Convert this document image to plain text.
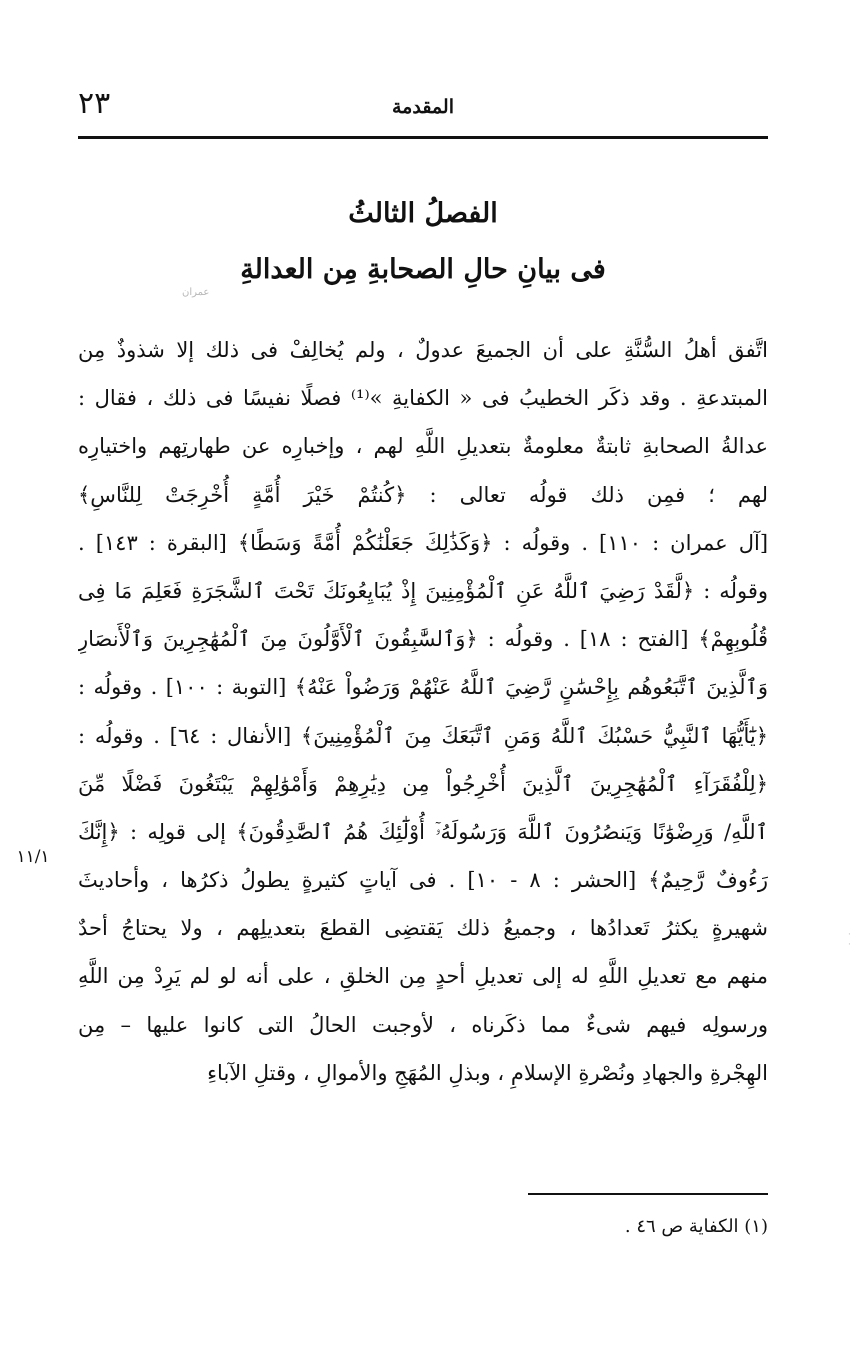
٢٣	المقدمة
الفصلُ الثالثُ
فى بيانِ حالِ الصحابةِ مِن العدالةِ
عمران
اتَّفق أهلُ السُّنَّةِ على أن الجميعَ عدولٌ ، ولم يُخالِفْ فى ذلك إلا شذوذٌ مِن
المبتدعةِ . وقد ذكَر الخطيبُ فى « الكفايةِ »⁽¹⁾ فصلًا نفيسًا فى ذلك ، فقال :
عدالةُ الصحابةِ ثابتةٌ معلومةٌ بتعديلِ اللَّهِ لهم ، وإخبارِه عن طهارتِهم واختيارِه
لهم ؛ فمِن ذلك قولُه تعالى : ﴿كُنتُمْ خَيْرَ أُمَّةٍ أُخْرِجَتْ لِلنَّاسِ﴾
[آل عمران : ١١٠] . وقولُه : ﴿وَكَذَٰلِكَ جَعَلْنَٰكُمْ أُمَّةً وَسَطًا﴾ [البقرة : ١٤٣] .
وقولُه : ﴿لَّقَدْ رَضِيَ ٱللَّهُ عَنِ ٱلْمُؤْمِنِينَ إِذْ يُبَايِعُونَكَ تَحْتَ ٱلشَّجَرَةِ فَعَلِمَ مَا فِى
قُلُوبِهِمْ﴾ [الفتح : ١٨] . وقولُه : ﴿وَٱلسَّٰبِقُونَ ٱلْأَوَّلُونَ مِنَ ٱلْمُهَٰجِرِينَ وَٱلْأَنصَارِ
وَٱلَّذِينَ ٱتَّبَعُوهُم بِإِحْسَٰنٍ رَّضِيَ ٱللَّهُ عَنْهُمْ وَرَضُواْ عَنْهُ﴾ [التوبة : ١٠٠] . وقولُه :
﴿يَٰٓأَيُّهَا ٱلنَّبِيُّ حَسْبُكَ ٱللَّهُ وَمَنِ ٱتَّبَعَكَ مِنَ ٱلْمُؤْمِنِينَ﴾ [الأنفال : ٦٤] . وقولُه :
﴿لِلْفُقَرَآءِ ٱلْمُهَٰجِرِينَ ٱلَّذِينَ أُخْرِجُواْ مِن دِيَٰرِهِمْ وَأَمْوَٰلِهِمْ يَبْتَغُونَ فَضْلًا مِّنَ
ٱللَّهِ/ وَرِضْوَٰنًا وَيَنصُرُونَ ٱللَّهَ وَرَسُولَهُۥٓ أُوْلَٰٓئِكَ هُمُ ٱلصَّٰدِقُونَ﴾ إلى قولِه : ﴿إِنَّكَ
رَءُوفٌ رَّحِيمٌ﴾ [الحشر : ٨ - ١٠] . فى آياتٍ كثيرةٍ يطولُ ذكرُها ، وأحاديثَ
شهيرةٍ يكثرُ تَعدادُها ، وجميعُ ذلك يَقتضِى القطعَ بتعديلِهم ، ولا يحتاجُ أحدٌ
منهم مع تعديلِ اللَّهِ له إلى تعديلِ أحدٍ مِن الخلقِ ، على أنه لو لم يَرِدْ مِن اللَّهِ
ورسولِه فيهم شىءٌ مما ذكَرناه ، لأوجبت الحالُ التى كانوا عليها – مِن
الهِجْرةِ والجهادِ ونُصْرةِ الإسلامِ ، وبذلِ المُهَجِ والأموالِ ، وقتلِ الآباءِ
١١/١
(١) الكفاية ص ٤٦ .
· ·
